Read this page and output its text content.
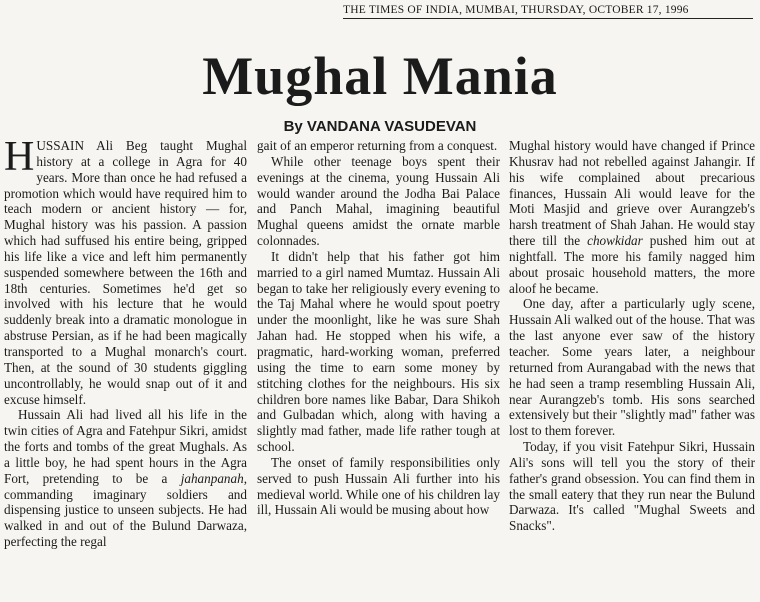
THE TIMES OF INDIA, MUMBAI, THURSDAY, OCTOBER 17, 1996
Mughal Mania
By VANDANA VASUDEVAN

HUSSAIN Ali Beg taught Mughal history at a college in Agra for 40 years. More than once he had refused a promotion which would have required him to teach modern or ancient history — for, Mughal history was his passion. A passion which had suffused his entire being, gripped his life like a vice and left him permanently suspended somewhere between the 16th and 18th centuries. Sometimes he'd get so involved with his lecture that he would suddenly break into a dramatic monologue in abstruse Persian, as if he had been magically transported to a Mughal monarch's court. Then, at the sound of 30 students giggling uncontrollably, he would snap out of it and excuse himself.

Hussain Ali had lived all his life in the twin cities of Agra and Fatehpur Sikri, amidst the forts and tombs of the great Mughals. As a little boy, he had spent hours in the Agra Fort, pretending to be a jahanpanah, commanding imaginary soldiers and dispensing justice to unseen subjects. He had walked in and out of the Bulund Darwaza, perfecting the regal

gait of an emperor returning from a conquest.

While other teenage boys spent their evenings at the cinema, young Hussain Ali would wander around the Jodha Bai Palace and Panch Mahal, imagining beautiful Mughal queens amidst the ornate marble colonnades.

It didn't help that his father got him married to a girl named Mumtaz. Hussain Ali began to take her religiously every evening to the Taj Mahal where he would spout poetry under the moonlight, like he was sure Shah Jahan had. He stopped when his wife, a pragmatic, hard-working woman, preferred using the time to earn some money by stitching clothes for the neighbours. His six children bore names like Babar, Dara Shikoh and Gulbadan which, along with having a slightly mad father, made life rather tough at school.

The onset of family responsibilities only served to push Hussain Ali further into his medieval world. While one of his children lay ill, Hussain Ali would be musing about how

Mughal history would have changed if Prince Khusrav had not rebelled against Jahangir. If his wife complained about precarious finances, Hussain Ali would leave for the Moti Masjid and grieve over Aurangzeb's harsh treatment of Shah Jahan. He would stay there till the chowkidar pushed him out at nightfall. The more his family nagged him about prosaic household matters, the more aloof he became.

One day, after a particularly ugly scene, Hussain Ali walked out of the house. That was the last anyone ever saw of the history teacher. Some years later, a neighbour returned from Aurangabad with the news that he had seen a tramp resembling Hussain Ali, near Aurangzeb's tomb. His sons searched extensively but their "slightly mad" father was lost to them forever.

Today, if you visit Fatehpur Sikri, Hussain Ali's sons will tell you the story of their father's grand obsession. You can find them in the small eatery that they run near the Bulund Darwaza. It's called "Mughal Sweets and Snacks".
